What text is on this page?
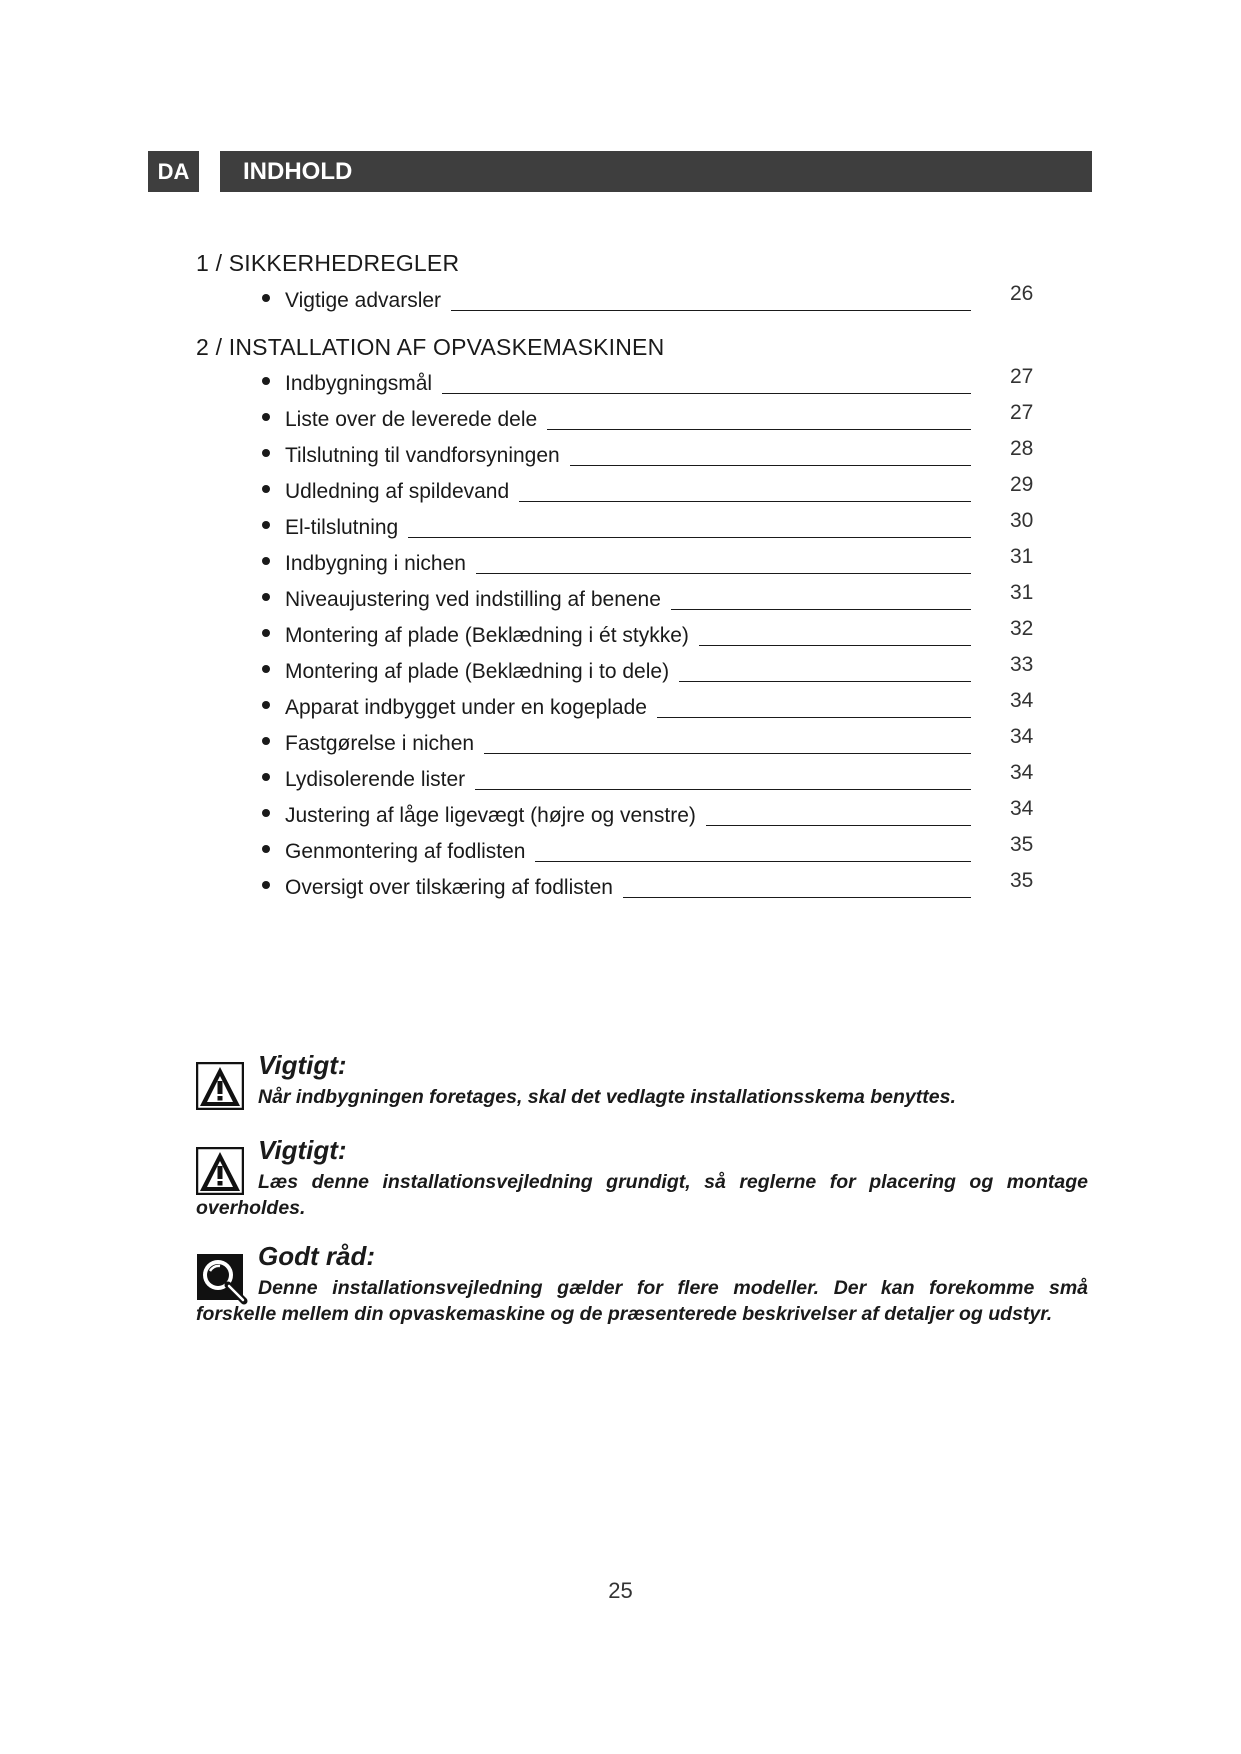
DA	INDHOLD
1 / SIKKERHEDREGLER
Vigtige advarsler	26
2 / INSTALLATION AF OPVASKEMASKINEN
Indbygningsmål	27
Liste over de leverede dele	27
Tilslutning til vandforsyningen	28
Udledning af spildevand	29
El-tilslutning	30
Indbygning i nichen	31
Niveaujustering ved indstilling af benene	31
Montering af plade (Beklædning i ét stykke)	32
Montering af plade (Beklædning i to dele)	33
Apparat indbygget under en kogeplade	34
Fastgørelse i nichen	34
Lydisolerende lister	34
Justering af låge ligevægt (højre og venstre)	34
Genmontering af fodlisten	35
Oversigt over tilskæring af fodlisten	35
Vigtigt:
Når indbygningen foretages, skal det vedlagte installationsskema benyttes.
Vigtigt:
Læs denne installationsvejledning grundigt, så reglerne for placering og montage overholdes.
Godt råd:
Denne installationsvejledning gælder for flere modeller. Der kan forekomme små forskelle mellem din opvaskemaskine og de præsenterede beskrivelser af detaljer og udstyr.
25
